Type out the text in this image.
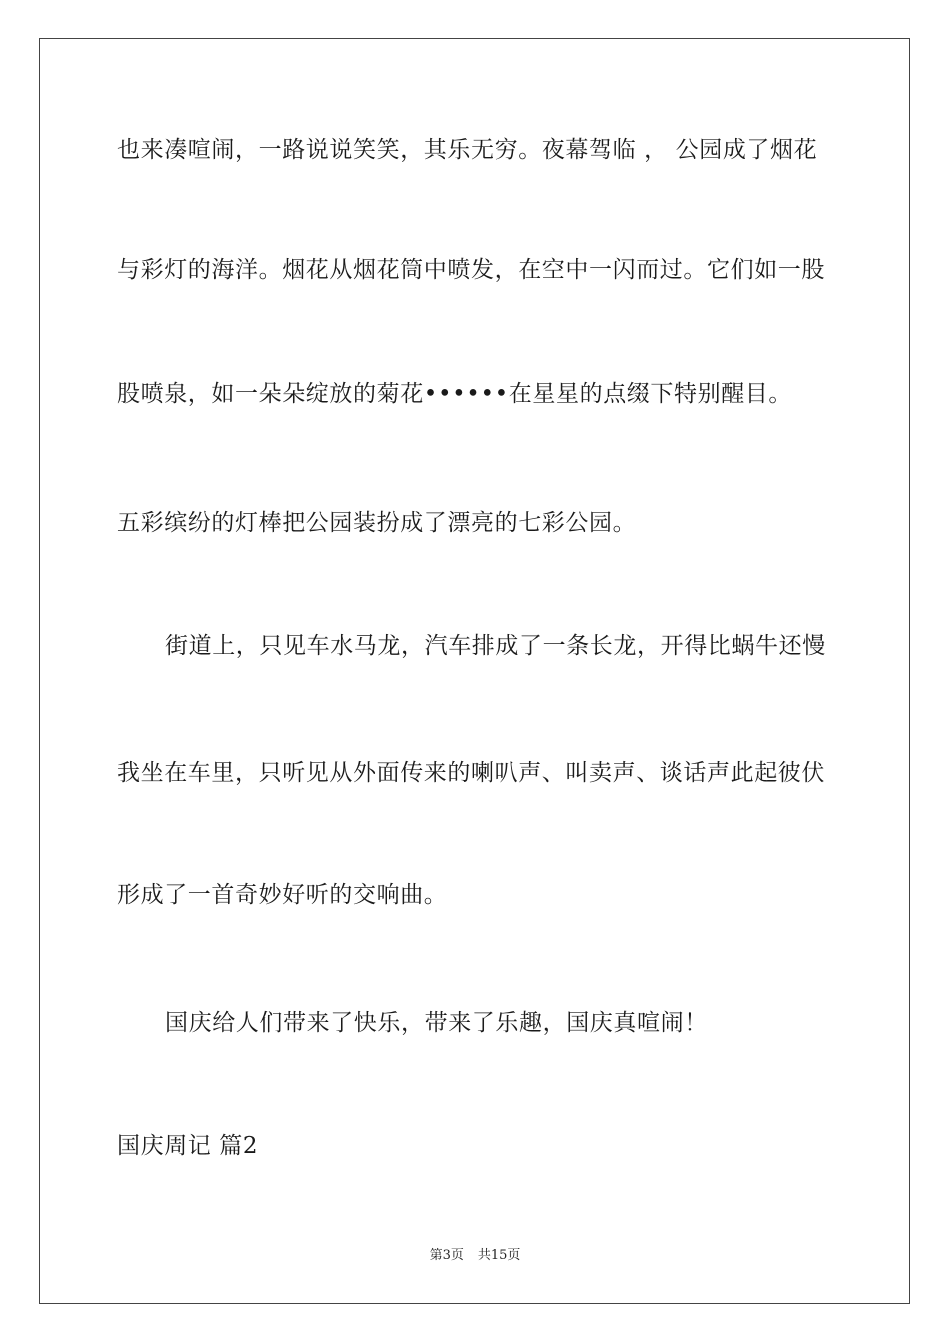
也来凑喧闹，一路说说笑笑，其乐无穷。夜幕驾临 ， 公园成了烟花
与彩灯的海洋。烟花从烟花筒中喷发，在空中一闪而过。它们如一股
股喷泉，如一朵朵绽放的菊花••••••在星星的点缀下特别醒目。
五彩缤纷的灯棒把公园装扮成了漂亮的七彩公园。
街道上，只见车水马龙，汽车排成了一条长龙，开得比蜗牛还慢
我坐在车里，只听见从外面传来的喇叭声、叫卖声、谈话声此起彼伏
形成了一首奇妙好听的交响曲。
国庆给人们带来了快乐，带来了乐趣，国庆真喧闹！
国庆周记 篇2
第3页 共15页
